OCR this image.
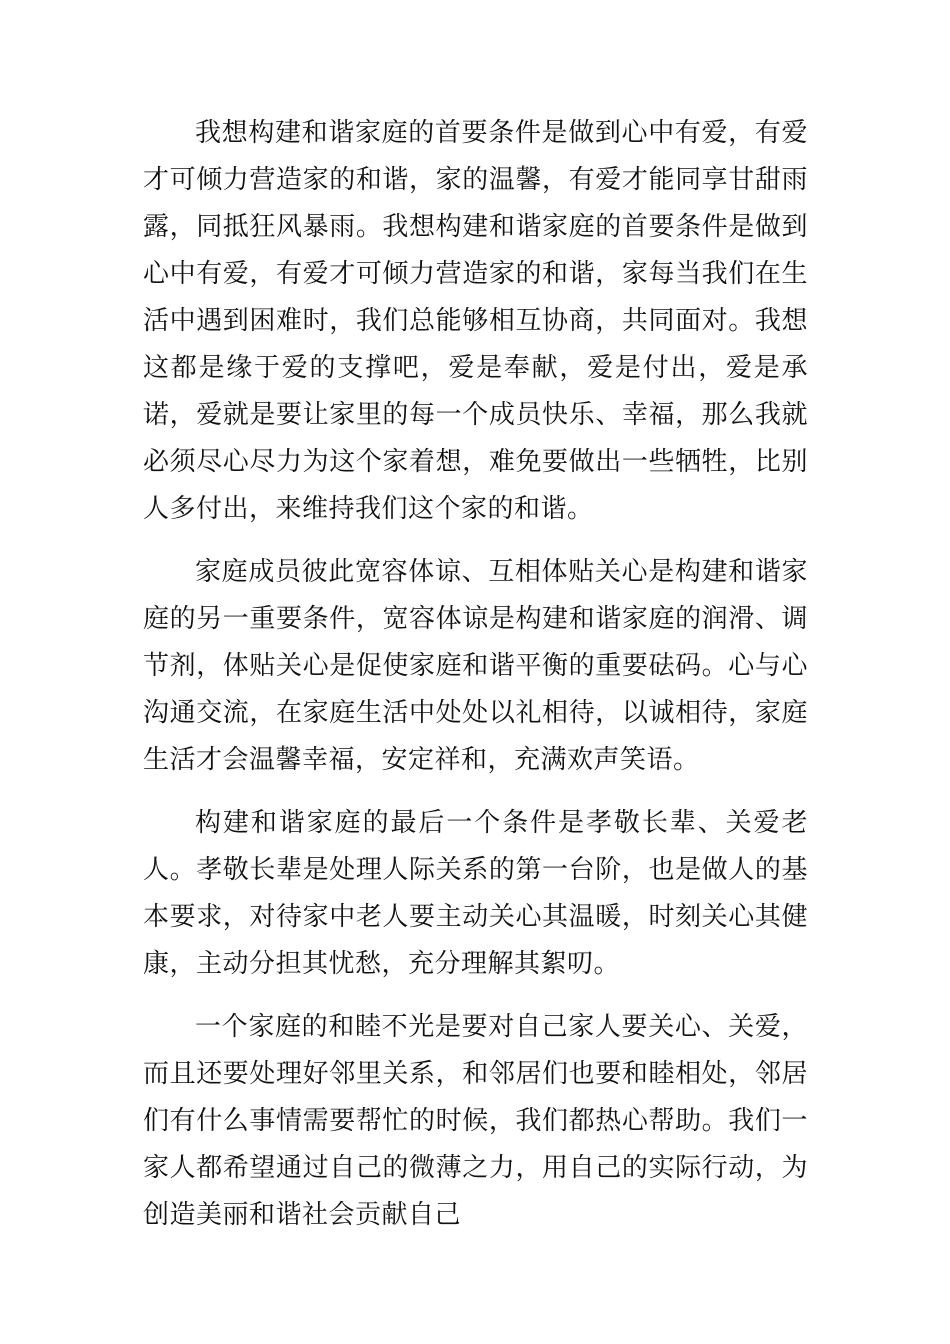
我想构建和谐家庭的首要条件是做到心中有爱，有爱才可倾力营造家的和谐，家的温馨，有爱才能同享甘甜雨露，同抵狂风暴雨。我想构建和谐家庭的首要条件是做到心中有爱，有爱才可倾力营造家的和谐，家每当我们在生活中遇到困难时，我们总能够相互协商，共同面对。我想这都是缘于爱的支撑吧，爱是奉献，爱是付出，爱是承诺，爱就是要让家里的每一个成员快乐、幸福，那么我就必须尽心尽力为这个家着想，难免要做出一些牺牲，比别人多付出，来维持我们这个家的和谐。

家庭成员彼此宽容体谅、互相体贴关心是构建和谐家庭的另一重要条件，宽容体谅是构建和谐家庭的润滑、调节剂，体贴关心是促使家庭和谐平衡的重要砝码。心与心沟通交流，在家庭生活中处处以礼相待，以诚相待，家庭生活才会温馨幸福，安定祥和，充满欢声笑语。

构建和谐家庭的最后一个条件是孝敬长辈、关爱老人。孝敬长辈是处理人际关系的第一台阶，也是做人的基本要求，对待家中老人要主动关心其温暖，时刻关心其健康，主动分担其忧愁，充分理解其絮叨。

一个家庭的和睦不光是要对自己家人要关心、关爱，而且还要处理好邻里关系，和邻居们也要和睦相处，邻居们有什么事情需要帮忙的时候，我们都热心帮助。我们一家人都希望通过自己的微薄之力，用自己的实际行动，为创造美丽和谐社会贡献自己
